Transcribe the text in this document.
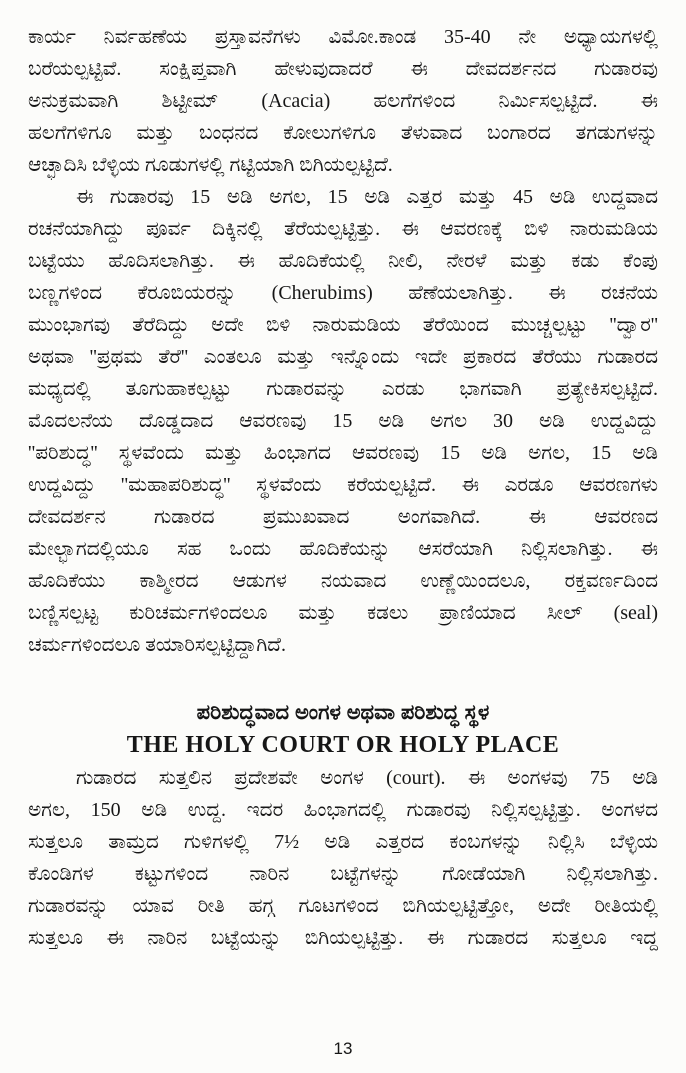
ಕಾರ್ಯ ನಿರ್ವಹಣೆಯ ಪ್ರಸ್ತಾವನೆಗಳು ವಿಮೋ.ಕಾಂಡ 35-40 ನೇ ಅಧ್ಯಾಯಗಳಲ್ಲಿ
ಬರೆಯಲ್ಪಟ್ಟಿವೆ. ಸಂಕ್ಷಿಪ್ತವಾಗಿ ಹೇಳುವುದಾದರೆ ಈ ದೇವದರ್ಶನದ ಗುಡಾರವು
ಅನುಕ್ರಮವಾಗಿ ಶಿಟ್ಟೀಮ್ (Acacia) ಹಲಗೆಗಳಿಂದ ನಿರ್ಮಿಸಲ್ಪಟ್ಟಿದೆ. ಈ
ಹಲಗೆಗಳಿಗೂ ಮತ್ತು ಬಂಧನದ ಕೋಲುಗಳಿಗೂ ತೆಳುವಾದ ಬಂಗಾರದ ತಗಡುಗಳನ್ನು
ಆಚ್ಛಾದಿಸಿ ಬೆಳ್ಳಿಯ ಗೂಡುಗಳಲ್ಲಿ ಗಟ್ಟಿಯಾಗಿ ಬಿಗಿಯಲ್ಪಟ್ಟಿದೆ.
ಈ ಗುಡಾರವು 15 ಅಡಿ ಅಗಲ, 15 ಅಡಿ ಎತ್ತರ ಮತ್ತು 45 ಅಡಿ ಉದ್ದವಾದ
ರಚನೆಯಾಗಿದ್ದು ಪೂರ್ವ ದಿಕ್ಕಿನಲ್ಲಿ ತೆರೆಯಲ್ಪಟ್ಟಿತ್ತು. ಈ ಆವರಣಕ್ಕೆ ಬಿಳಿ ನಾರುಮಡಿಯ
ಬಟ್ಟೆಯು ಹೊದಿಸಲಾಗಿತ್ತು. ಈ ಹೊದಿಕೆಯಲ್ಲಿ ನೀಲಿ, ನೇರಳೆ ಮತ್ತು ಕಡು ಕೆಂಪು
ಬಣ್ಣಗಳಿಂದ ಕೆರೂಬಿಯರನ್ನು (Cherubims) ಹೆಣೆಯಲಾಗಿತ್ತು. ಈ ರಚನೆಯ
ಮುಂಭಾಗವು ತೆರೆದಿದ್ದು ಅದೇ ಬಿಳಿ ನಾರುಮಡಿಯ ತೆರೆಯಿಂದ ಮುಚ್ಚಲ್ಪಟ್ಟು ''ದ್ವಾರ''
ಅಥವಾ ''ಪ್ರಥಮ ತೆರೆ'' ಎಂತಲೂ ಮತ್ತು ಇನ್ನೊಂದು ಇದೇ ಪ್ರಕಾರದ ತೆರೆಯು ಗುಡಾರದ
ಮಧ್ಯದಲ್ಲಿ ತೂಗುಹಾಕಲ್ಪಟ್ಟು ಗುಡಾರವನ್ನು ಎರಡು ಭಾಗವಾಗಿ ಪ್ರತ್ಯೇಕಿಸಲ್ಪಟ್ಟಿದೆ.
ಮೊದಲನೆಯ ದೊಡ್ಡದಾದ ಆವರಣವು 15 ಅಡಿ ಅಗಲ 30 ಅಡಿ ಉದ್ದವಿದ್ದು
''ಪರಿಶುದ್ಧ'' ಸ್ಥಳವೆಂದು ಮತ್ತು ಹಿಂಭಾಗದ ಆವರಣವು 15 ಅಡಿ ಅಗಲ, 15 ಅಡಿ
ಉದ್ದವಿದ್ದು ''ಮಹಾಪರಿಶುದ್ಧ'' ಸ್ಥಳವೆಂದು ಕರೆಯಲ್ಪಟ್ಟಿದೆ. ಈ ಎರಡೂ ಆವರಣಗಳು
ದೇವದರ್ಶನ ಗುಡಾರದ ಪ್ರಮುಖವಾದ ಅಂಗವಾಗಿದೆ. ಈ ಆವರಣದ
ಮೇಲ್ಭಾಗದಲ್ಲಿಯೂ ಸಹ ಒಂದು ಹೊದಿಕೆಯನ್ನು ಆಸರೆಯಾಗಿ ನಿಲ್ಲಿಸಲಾಗಿತ್ತು. ಈ
ಹೊದಿಕೆಯು ಕಾಶ್ಮೀರದ ಆಡುಗಳ ನಯವಾದ ಉಣ್ಣೆಯಿಂದಲೂ, ರಕ್ತವರ್ಣದಿಂದ
ಬಣ್ಣಿಸಲ್ಪಟ್ಟ ಕುರಿಚರ್ಮಗಳಿಂದಲೂ ಮತ್ತು ಕಡಲು ಪ್ರಾಣಿಯಾದ ಸೀಲ್ (seal)
ಚರ್ಮಗಳಿಂದಲೂ ತಯಾರಿಸಲ್ಪಟ್ಟಿದ್ದಾಗಿದೆ.
ಪರಿಶುದ್ಧವಾದ ಅಂಗಳ ಅಥವಾ ಪರಿಶುದ್ಧ ಸ್ಥಳ
THE HOLY COURT OR HOLY PLACE
ಗುಡಾರದ ಸುತ್ತಲಿನ ಪ್ರದೇಶವೇ ಅಂಗಳ (court). ಈ ಅಂಗಳವು 75 ಅಡಿ
ಅಗಲ, 150 ಅಡಿ ಉದ್ದ. ಇದರ ಹಿಂಭಾಗದಲ್ಲಿ ಗುಡಾರವು ನಿಲ್ಲಿಸಲ್ಪಟ್ಟಿತ್ತು. ಅಂಗಳದ
ಸುತ್ತಲೂ ತಾಮ್ರದ ಗುಳಿಗಳಲ್ಲಿ 7½ ಅಡಿ ಎತ್ತರದ ಕಂಬಗಳನ್ನು ನಿಲ್ಲಿಸಿ ಬೆಳ್ಳಿಯ
ಕೊಂಡಿಗಳ ಕಟ್ಟುಗಳಿಂದ ನಾರಿನ ಬಟ್ಟೆಗಳನ್ನು ಗೋಡೆಯಾಗಿ ನಿಲ್ಲಿಸಲಾಗಿತ್ತು.
ಗುಡಾರವನ್ನು ಯಾವ ರೀತಿ ಹಗ್ಗ ಗೂಟಗಳಿಂದ ಬಿಗಿಯಲ್ಪಟ್ಟಿತ್ತೋ, ಅದೇ ರೀತಿಯಲ್ಲಿ
ಸುತ್ತಲೂ ಈ ನಾರಿನ ಬಟ್ಟೆಯನ್ನು ಬಿಗಿಯಲ್ಪಟ್ಟಿತ್ತು. ಈ ಗುಡಾರದ ಸುತ್ತಲೂ ಇದ್ದ
13
